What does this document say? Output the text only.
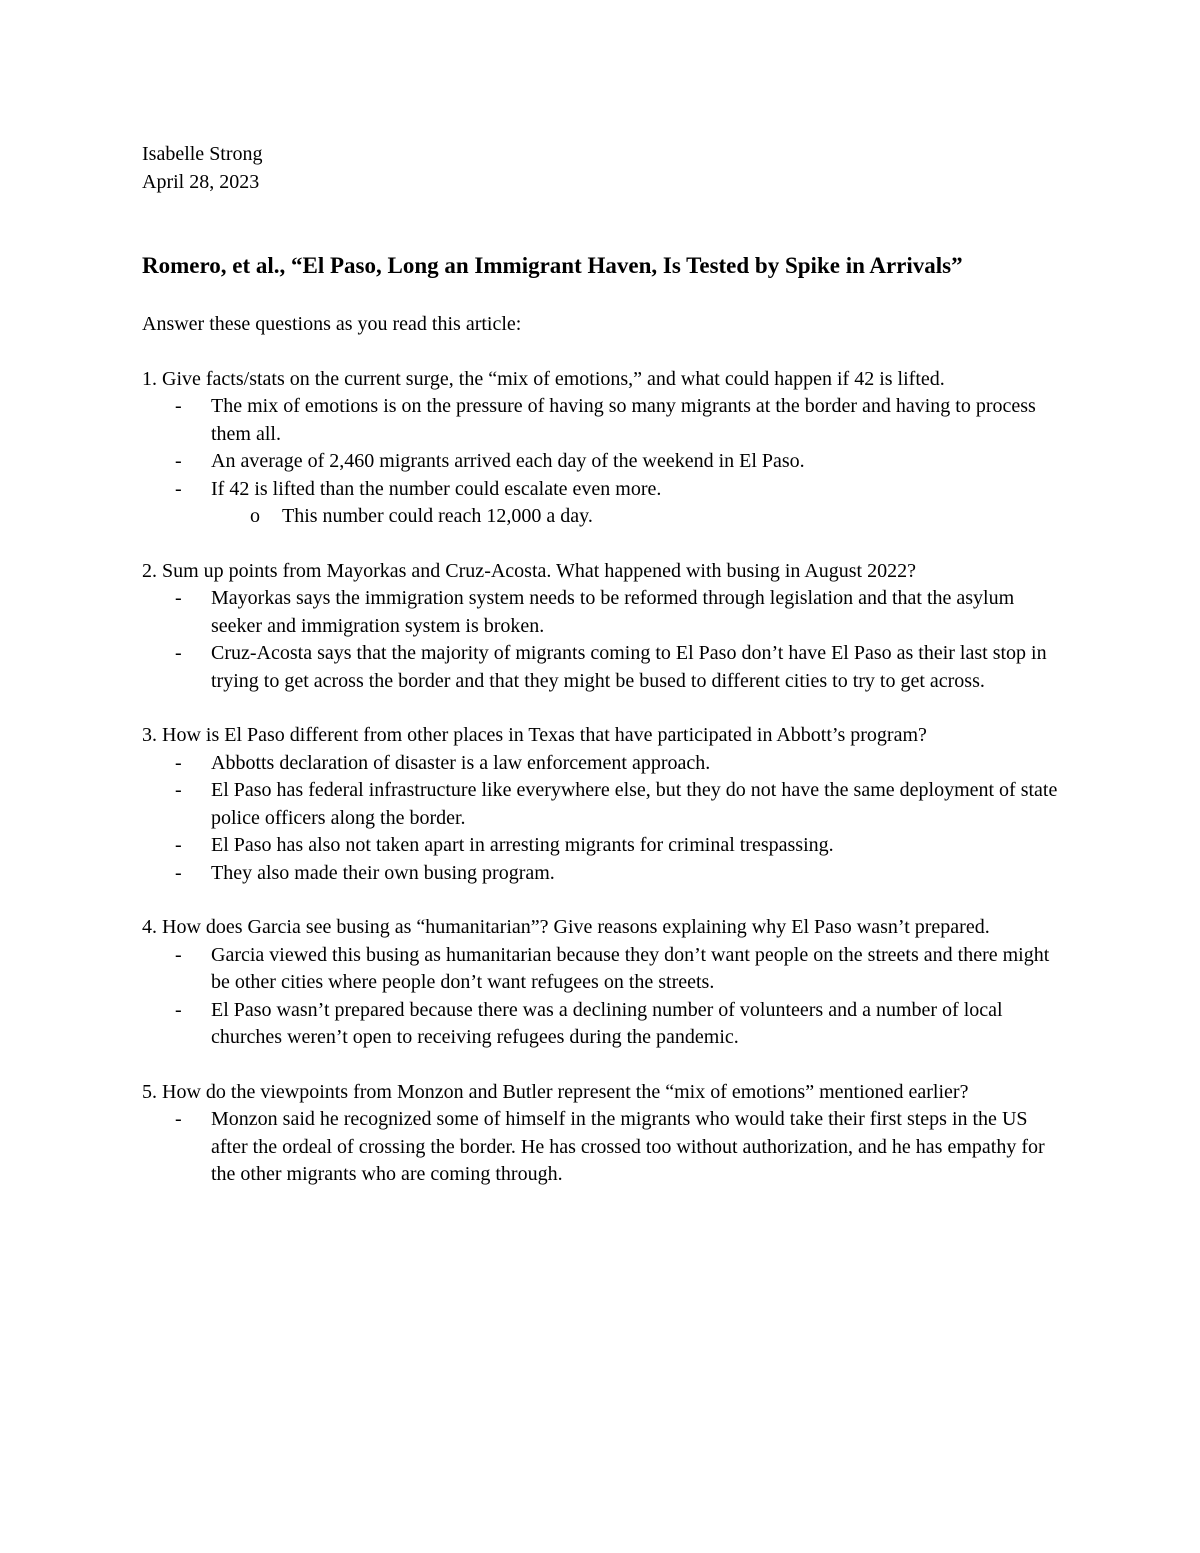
Isabelle Strong
April 28, 2023
Romero, et al., “El Paso, Long an Immigrant Haven, Is Tested by Spike in Arrivals”
Answer these questions as you read this article:
1. Give facts/stats on the current surge, the “mix of emotions,” and what could happen if 42 is lifted.
- The mix of emotions is on the pressure of having so many migrants at the border and having to process them all.
- An average of 2,460 migrants arrived each day of the weekend in El Paso.
- If 42 is lifted than the number could escalate even more.
o This number could reach 12,000 a day.
2. Sum up points from Mayorkas and Cruz-Acosta. What happened with busing in August 2022?
- Mayorkas says the immigration system needs to be reformed through legislation and that the asylum seeker and immigration system is broken.
- Cruz-Acosta says that the majority of migrants coming to El Paso don’t have El Paso as their last stop in trying to get across the border and that they might be bused to different cities to try to get across.
3. How is El Paso different from other places in Texas that have participated in Abbott’s program?
- Abbotts declaration of disaster is a law enforcement approach.
- El Paso has federal infrastructure like everywhere else, but they do not have the same deployment of state police officers along the border.
- El Paso has also not taken apart in arresting migrants for criminal trespassing.
- They also made their own busing program.
4. How does Garcia see busing as “humanitarian”? Give reasons explaining why El Paso wasn’t prepared.
- Garcia viewed this busing as humanitarian because they don’t want people on the streets and there might be other cities where people don’t want refugees on the streets.
- El Paso wasn’t prepared because there was a declining number of volunteers and a number of local churches weren’t open to receiving refugees during the pandemic.
5. How do the viewpoints from Monzon and Butler represent the “mix of emotions” mentioned earlier?
- Monzon said he recognized some of himself in the migrants who would take their first steps in the US after the ordeal of crossing the border. He has crossed too without authorization, and he has empathy for the other migrants who are coming through.
